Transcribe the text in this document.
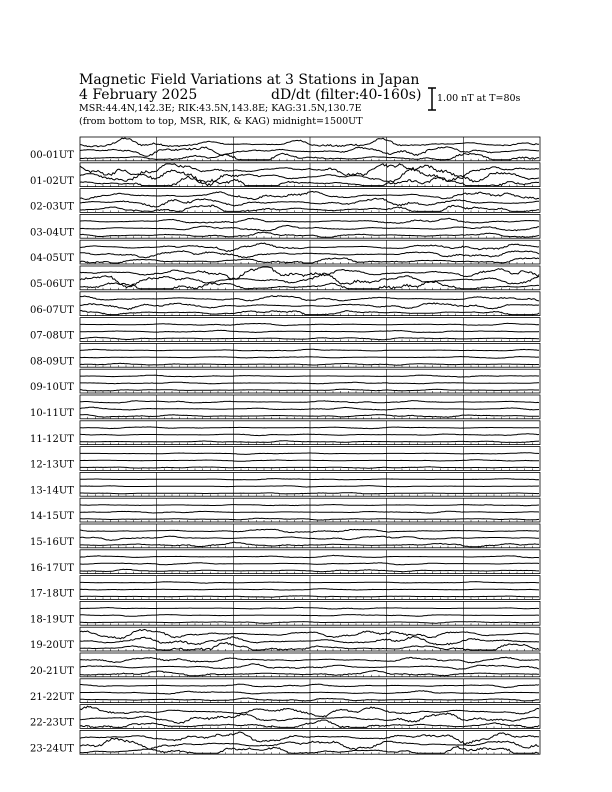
Magnetic Field Variations at 3 Stations in Japan
4 February 2025	dD/dt (filter:40-160s)
MSR:44.4N,142.3E; RIK:43.5N,143.8E; KAG:31.5N,130.7E
(from bottom to top, MSR, RIK, & KAG) midnight=1500UT
1.00 nT at T=80s
00-01UT
01-02UT
02-03UT
03-04UT
04-05UT
05-06UT
06-07UT
07-08UT
08-09UT
09-10UT
10-11UT
11-12UT
12-13UT
13-14UT
14-15UT
15-16UT
16-17UT
17-18UT
18-19UT
19-20UT
20-21UT
21-22UT
22-23UT
23-24UT
